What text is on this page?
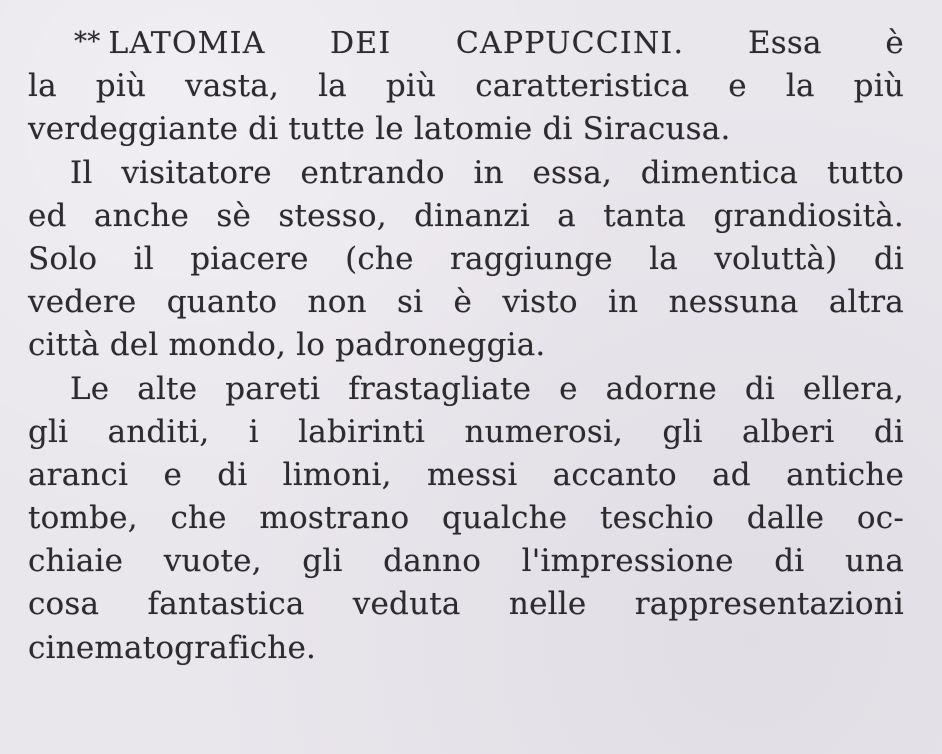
** LATOMIA DEI CAPPUCCINI. Essa è
la più vasta, la più caratteristica e la più
verdeggiante di tutte le latomie di Siracusa.
Il visitatore entrando in essa, dimentica tutto
ed anche sè stesso, dinanzi a tanta grandiosità.
Solo il piacere (che raggiunge la voluttà) di
vedere quanto non si è visto in nessuna altra
città del mondo, lo padroneggia.
Le alte pareti frastagliate e adorne di ellera,
gli anditi, i labirinti numerosi, gli alberi di
aranci e di limoni, messi accanto ad antiche
tombe, che mostrano qualche teschio dalle oc-
chiaie vuote, gli danno l'impressione di una
cosa fantastica veduta nelle rappresentazioni
cinematografiche.
